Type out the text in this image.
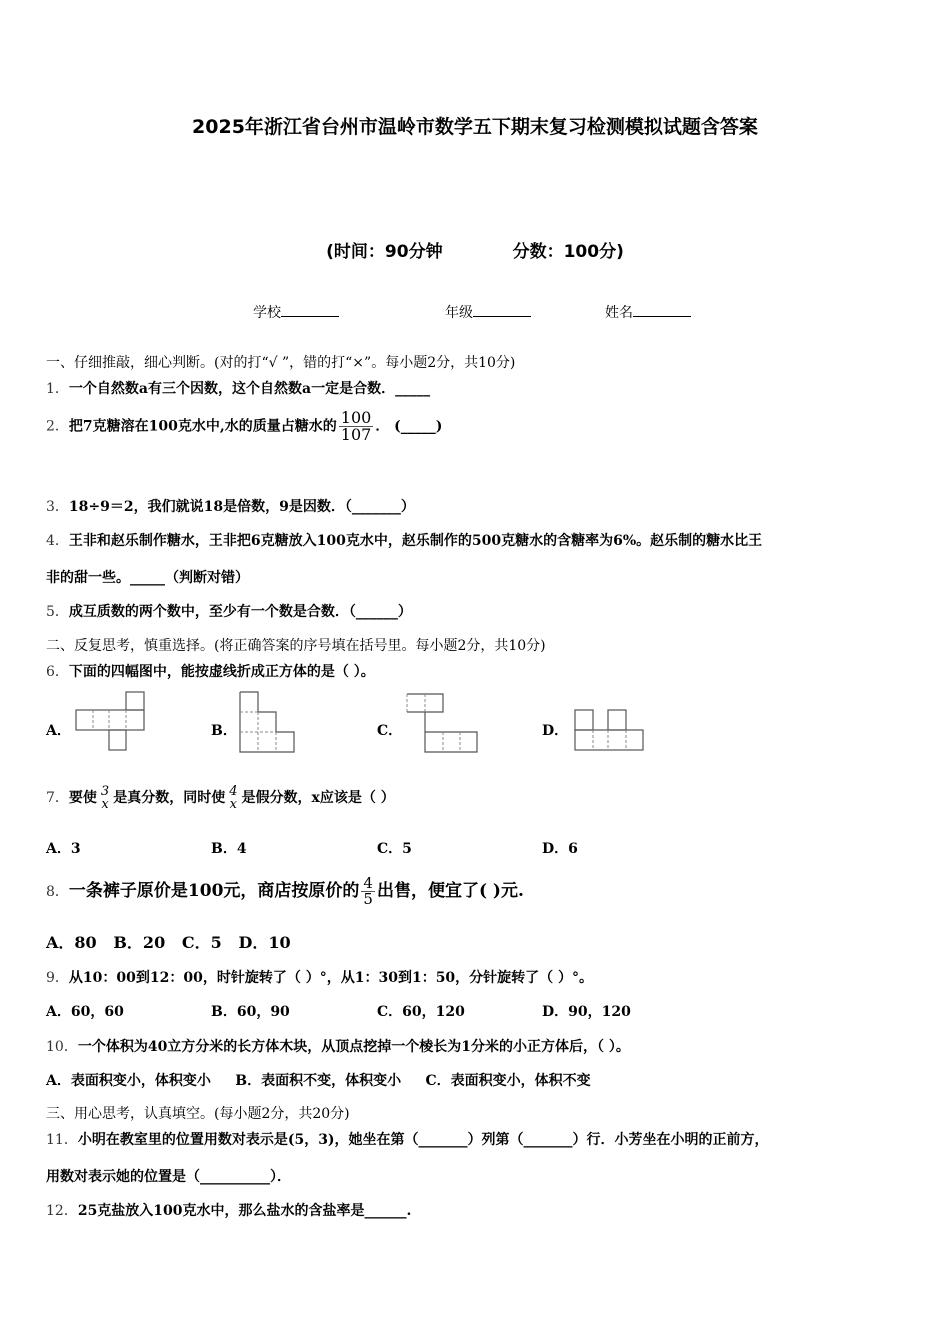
2025年浙江省台州市温岭市数学五下期末复习检测模拟试题含答案
(时间：90分钟	分数：100分)
学校	年级	姓名
一、仔细推敲，细心判断。(对的打“√ ”，错的打“×”。每小题2分，共10分)
1．一个自然数a有三个因数，这个自然数a一定是合数．_____
2．把7克糖溶在100克水中,水的质量占糖水的 $\frac{100}{107}$ ． (_____)
3．18÷9＝2，我们就说18是倍数，9是因数．（_______）
4．王非和赵乐制作糖水，王非把6克糖放入100克水中，赵乐制作的500克糖水的含糖率为6%。赵乐制的糖水比王
非的甜一些。_____（判断对错）
5．成互质数的两个数中，至少有一个数是合数．（______）
二、反复思考，慎重选择。(将正确答案的序号填在括号里。每小题2分，共10分)
6．下面的四幅图中，能按虚线折成正方体的是（ ）。
A．	B．	C．	D．
7．要使 3
x 是真分数，同时使 4
x 是假分数，x应该是（ ）
A．3	B．4	C．5	D．6
8．一条裤子原价是100元，商店按原价的 $\frac{4}{5}$ 出售，便宜了( )元.
A．80 B．20 C．5 D．10
9．从10：00到12：00，时针旋转了（ ）°，从1：30到1：50，分针旋转了（ ）°。
A．60，60	B．60，90	C．60，120	D．90，120
10．一个体积为40立方分米的长方体木块，从顶点挖掉一个棱长为1分米的小正方体后，（ ）。
A．表面积变小，体积变小 B．表面积不变，体积变小 C．表面积变小，体积不变
三、用心思考，认真填空。(每小题2分，共20分)
11．小明在教室里的位置用数对表示是(5，3)，她坐在第（_______）列第（_______）行．小芳坐在小明的正前方，
用数对表示她的位置是（__________）．
12．25克盐放入100克水中，那么盐水的含盐率是______.
